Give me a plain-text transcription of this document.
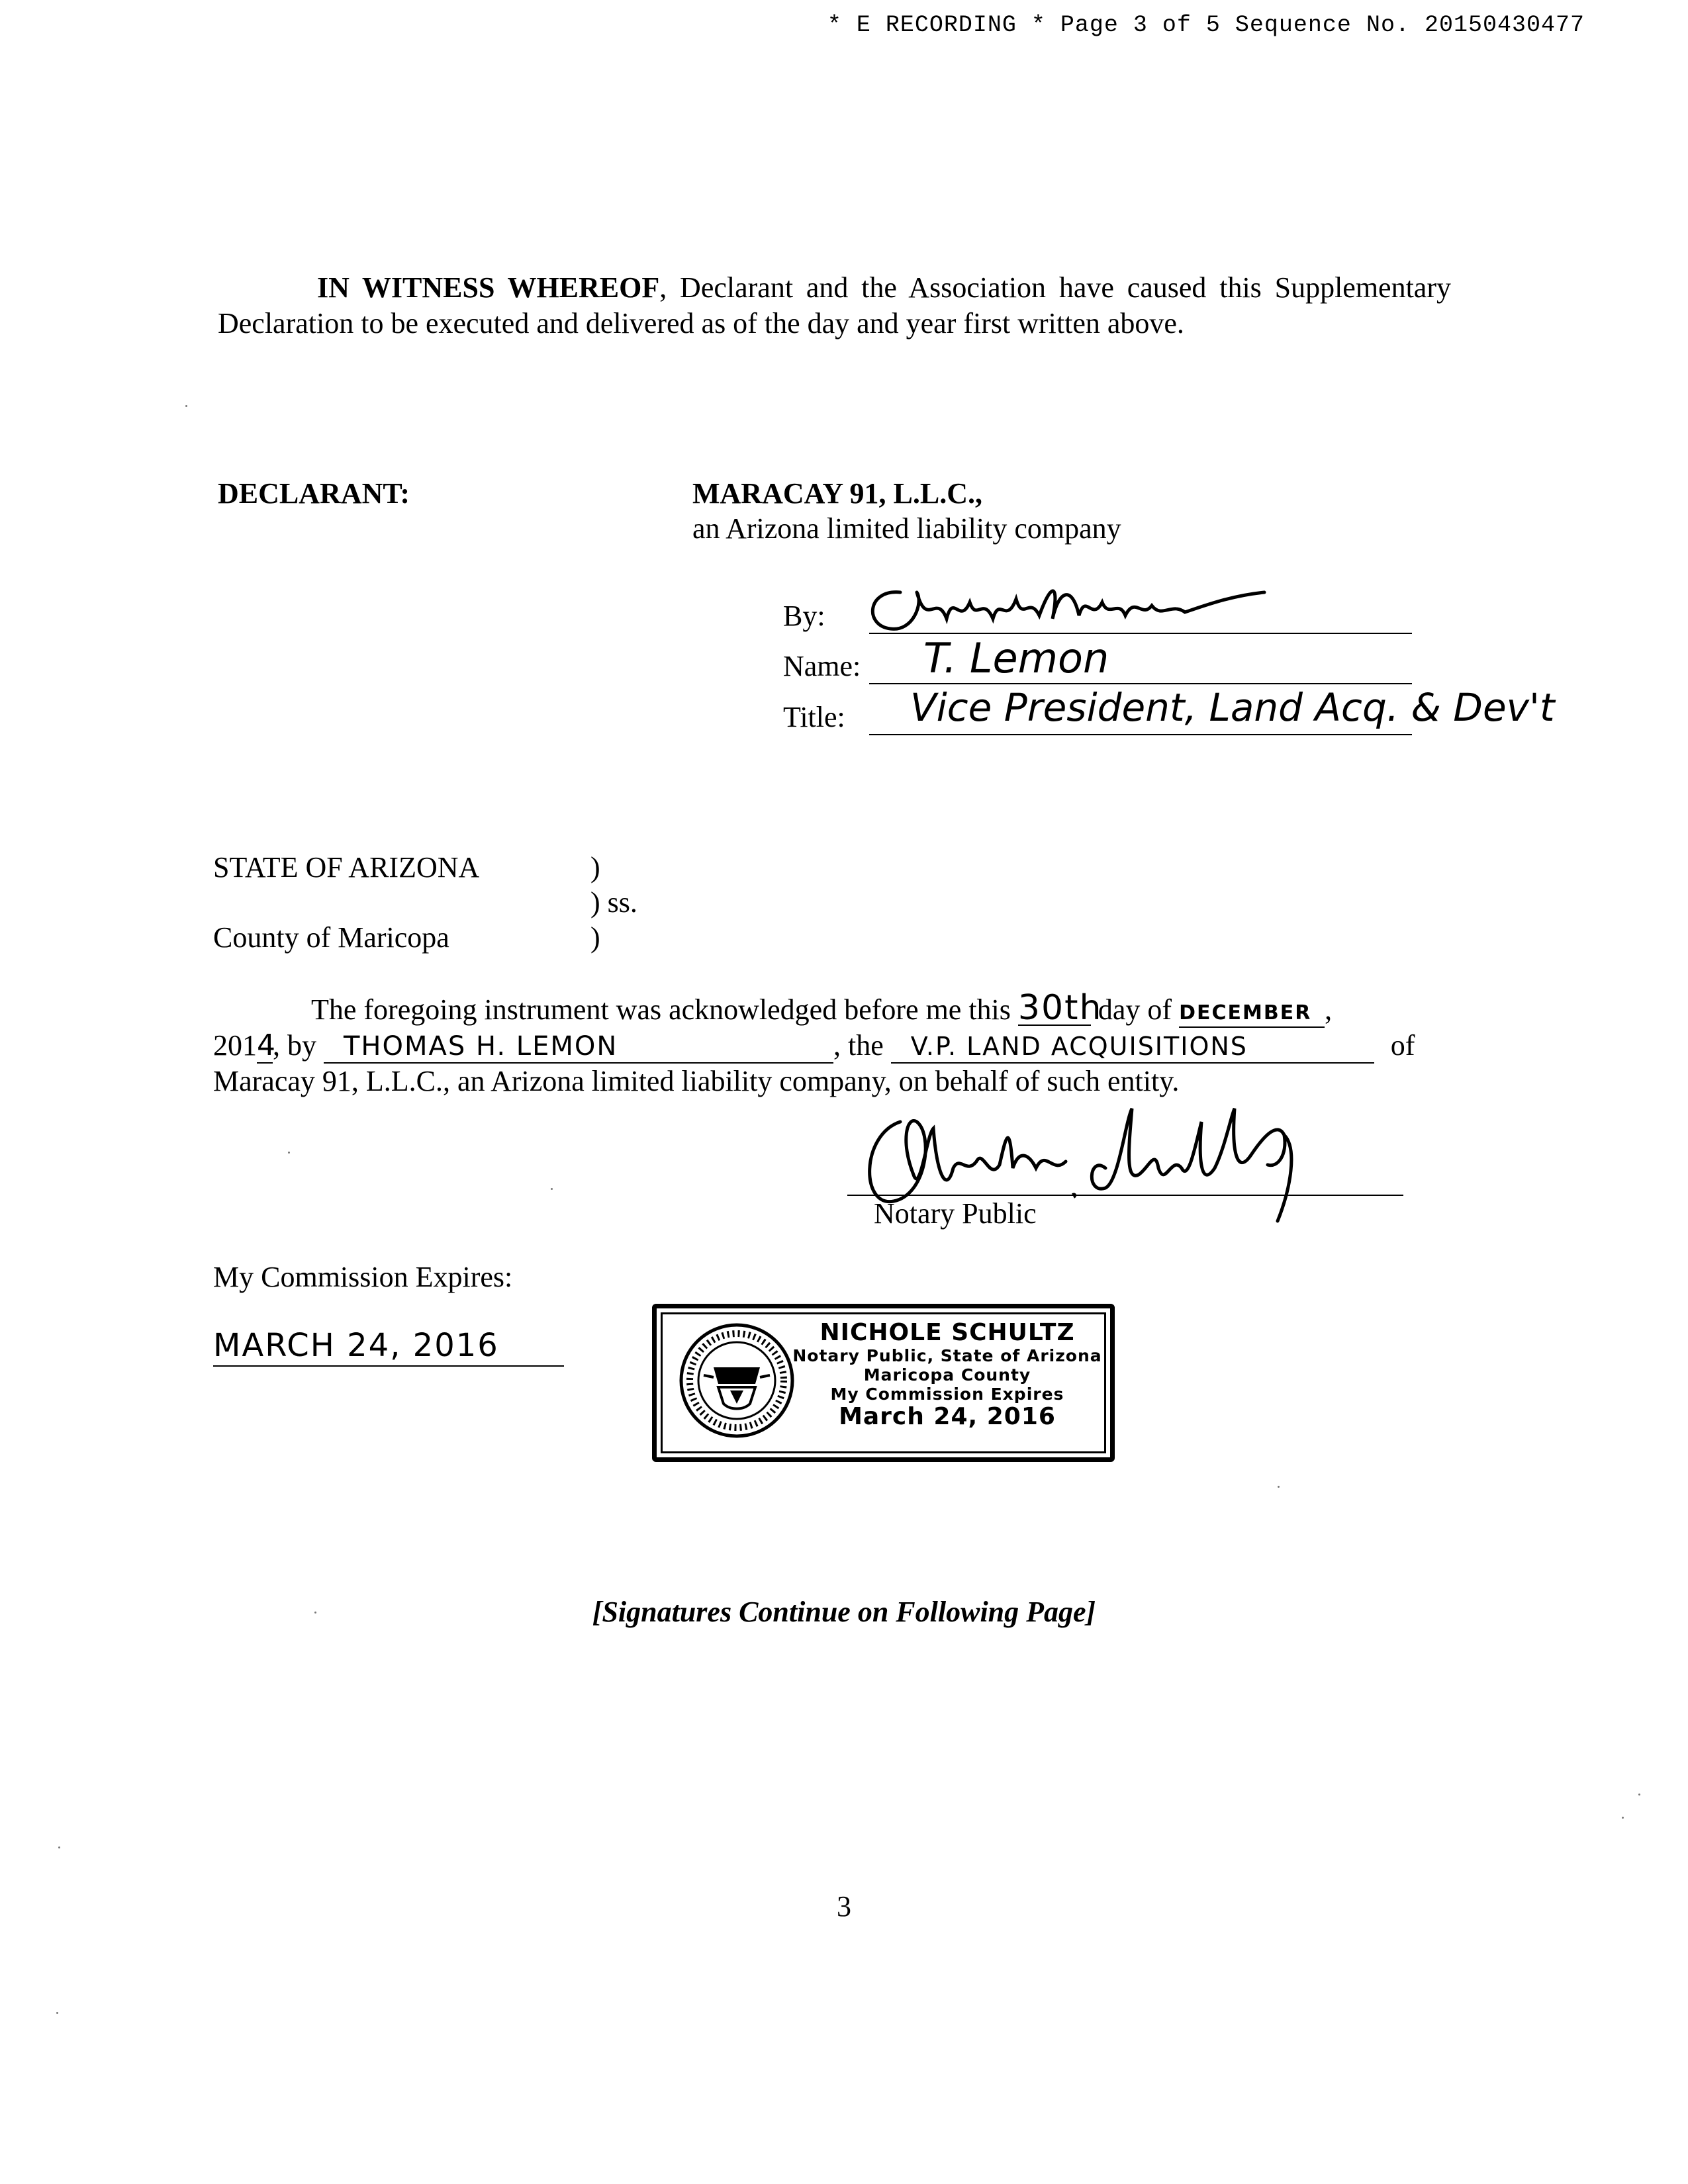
* E RECORDING * Page 3 of 5 Sequence No. 20150430477
IN WITNESS WHEREOF, Declarant and the Association have caused this Supplementary Declaration to be executed and delivered as of the day and year first written above.
DECLARANT:	MARACAY 91, L.L.C.,
an Arizona limited liability company
By:
Name: T. Lemon
Title: Vice President, Land Acq. & Dev't
STATE OF ARIZONA	)
) ss.
County of Maricopa	)
The foregoing instrument was acknowledged before me this 30th day of DECEMBER ,
2014, by THOMAS H. LEMON	, the V.P. LAND ACQUISITIONS	of
Maracay 91, L.L.C., an Arizona limited liability company, on behalf of such entity.
Notary Public
My Commission Expires:
MARCH 24, 2016	NICHOLE SCHULTZ
Notary Public, State of Arizona
Maricopa County
My Commission Expires
March 24, 2016
[Signatures Continue on Following Page]
3
